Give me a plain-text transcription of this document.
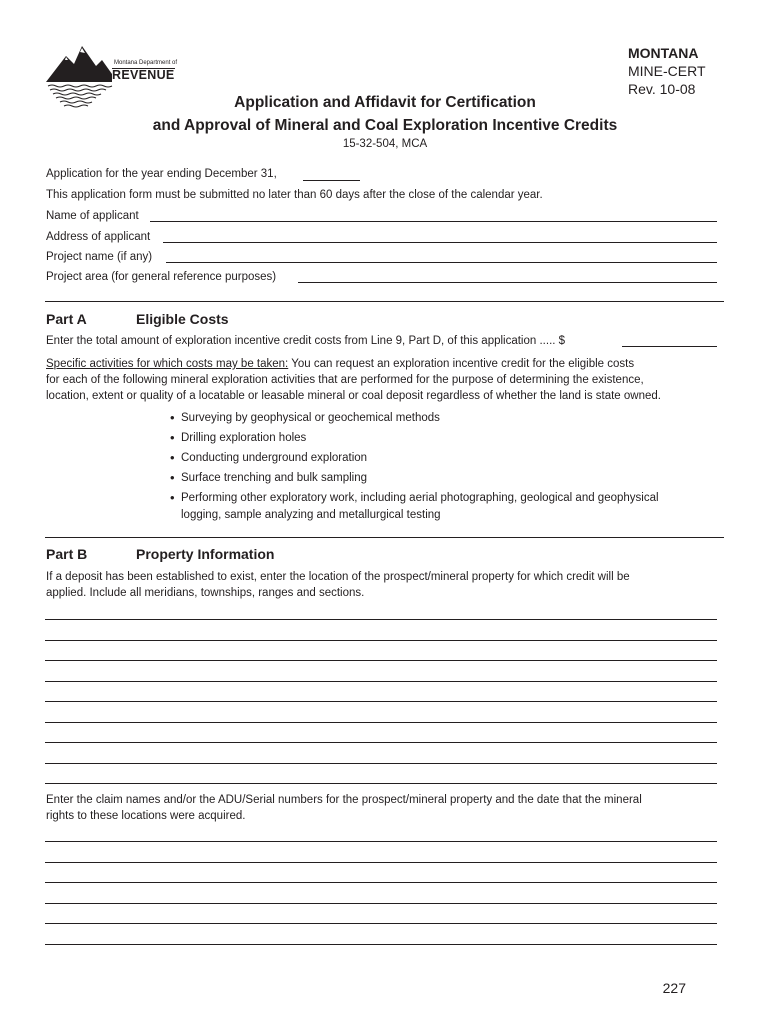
Montana Department of
REVENUE
MONTANA
MINE-CERT
Rev. 10-08
Application and Affidavit for Certification
and Approval of Mineral and Coal Exploration Incentive Credits
15-32-504, MCA
Application for the year ending December 31,
This application form must be submitted no later than 60 days after the close of the calendar year.
Name of applicant
Address of applicant
Project name (if any)
Project area (for general reference purposes)
Part A	Eligible Costs
Enter the total amount of exploration incentive credit costs from Line 9, Part D, of this application ..... $
Specific activities for which costs may be taken: You can request an exploration incentive credit for the eligible costs
for each of the following mineral exploration activities that are performed for the purpose of determining the existence,
location, extent or quality of a locatable or leasable mineral or coal deposit regardless of whether the land is state owned.
• Surveying by geophysical or geochemical methods
• Drilling exploration holes
• Conducting underground exploration
• Surface trenching and bulk sampling
• Performing other exploratory work, including aerial photographing, geological and geophysical
logging, sample analyzing and metallurgical testing
Part B	Property Information
If a deposit has been established to exist, enter the location of the prospect/mineral property for which credit will be
applied. Include all meridians, townships, ranges and sections.
Enter the claim names and/or the ADU/Serial numbers for the prospect/mineral property and the date that the mineral
rights to these locations were acquired.
227
